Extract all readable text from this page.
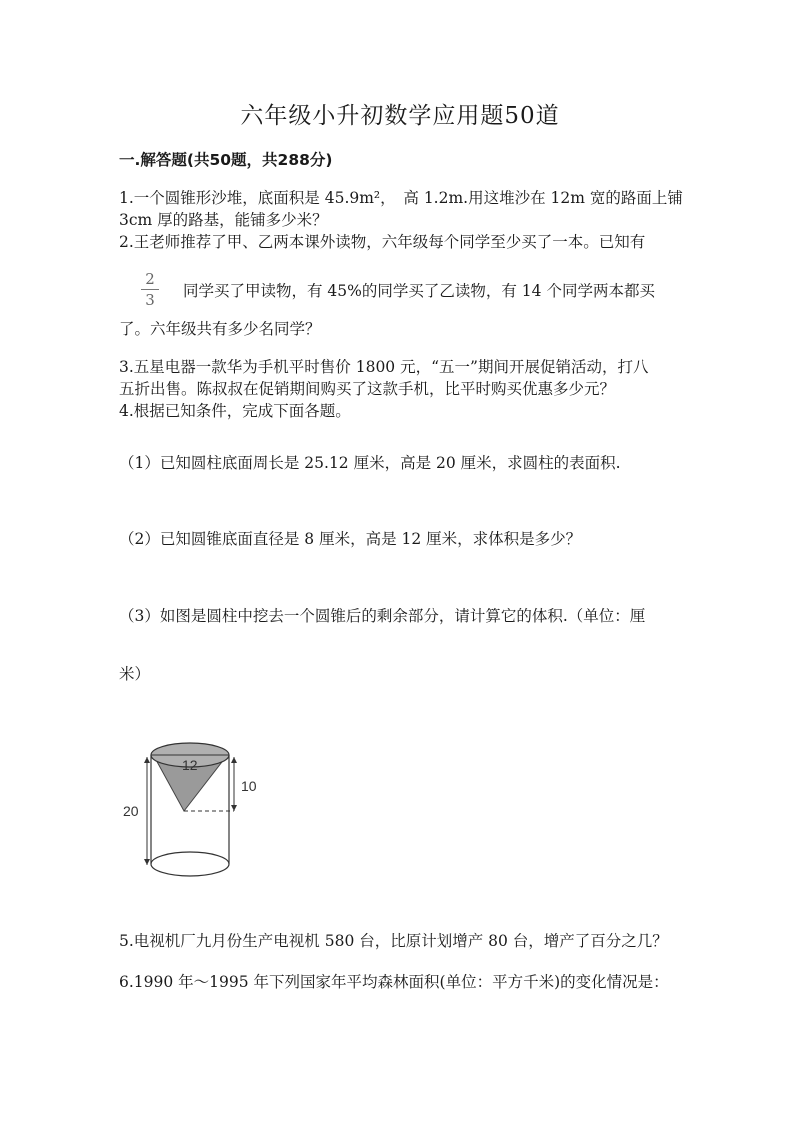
六年级小升初数学应用题50道
一.解答题(共50题，共288分)
1.一个圆锥形沙堆，底面积是 45.9m²，　高 1.2m.用这堆沙在 12m 宽的路面上铺
3cm 厚的路基，能铺多少米？
2.王老师推荐了甲、乙两本课外读物，六年级每个同学至少买了一本。已知有
2
3	同学买了甲读物，有 45%的同学买了乙读物，有 14 个同学两本都买
了。六年级共有多少名同学？
3.五星电器一款华为手机平时售价 1800 元，“五一”期间开展促销活动，打八
五折出售。陈叔叔在促销期间购买了这款手机，比平时购买优惠多少元？
4.根据已知条件，完成下面各题。
（1）已知圆柱底面周长是 25.12 厘米，高是 20 厘米，求圆柱的表面积.
（2）已知圆锥底面直径是 8 厘米，高是 12 厘米，求体积是多少？
（3）如图是圆柱中挖去一个圆锥后的剩余部分，请计算它的体积.（单位：厘
米）
12
10
20
5.电视机厂九月份生产电视机 580 台，比原计划增产 80 台，增产了百分之几？
6.1990 年～1995 年下列国家年平均森林面积(单位：平方千米)的变化情况是：
